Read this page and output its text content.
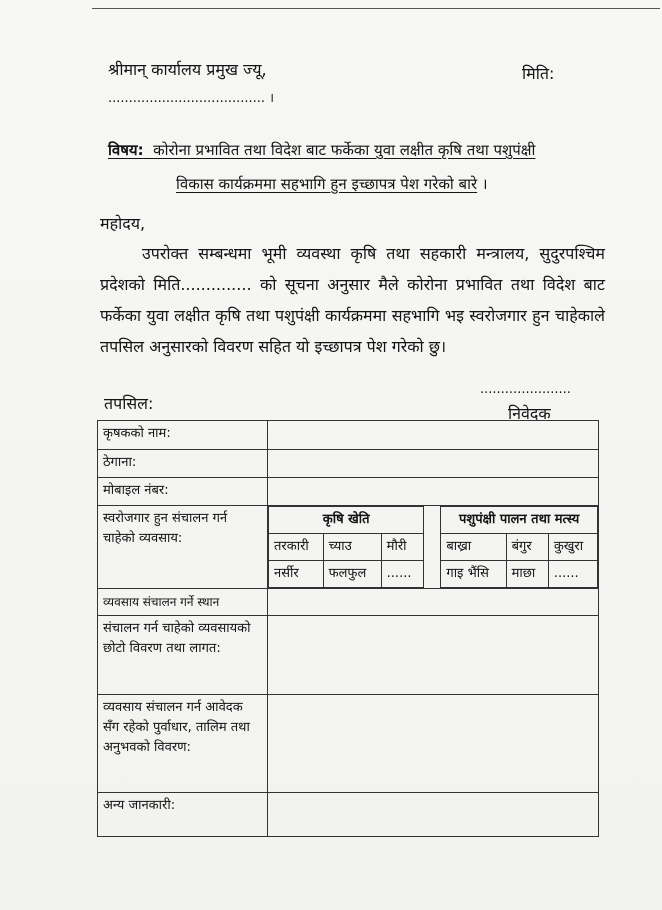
श्रीमान् कार्यालय प्रमुख ज्यू,	मिति:
...................................... ।
विषय: कोरोना प्रभावित तथा विदेश बाट फर्केका युवा लक्षीत कृषि तथा पशुपंक्षी
विकास कार्यक्रममा सहभागि हुन इच्छापत्र पेश गरेको बारे ।
महोदय,
उपरोक्त सम्बन्धमा भूमी व्यवस्था कृषि तथा सहकारी मन्त्रालय, सुदुरपश्चिम प्रदेशको मिति.............. को सूचना अनुसार मैले कोरोना प्रभावित तथा विदेश बाट फर्केका युवा लक्षीत कृषि तथा पशुपंक्षी कार्यक्रममा सहभागि भइ स्वरोजगार हुन चाहेकाले तपसिल अनुसारको विवरण सहित यो इच्छापत्र पेश गरेको छु।
......................
तपसिल:
निवेदक
कृषकको नाम:	
ठेगाना:	
मोबाइल नंबर:	
स्वरोजगार हुन संचालन गर्न चाहेको व्यवसाय:	
कृषि खेति		पशुपंक्षी पालन तथा मत्स्य
तरकारी	च्याउ	मौरी		बाख्रा	बंगुर	कुखुरा
नर्सीर	फलफुल	......		गाइ भैंसि	माछा	......

व्यवसाय संचालन गर्ने स्थान	
संचालन गर्न चाहेको व्यवसायको छोटो विवरण तथा लागत:	
व्यवसाय संचालन गर्न आवेदक सँग रहेको पुर्वाधार, तालिम तथा अनुभवको विवरण:	
अन्य जानकारी:	
